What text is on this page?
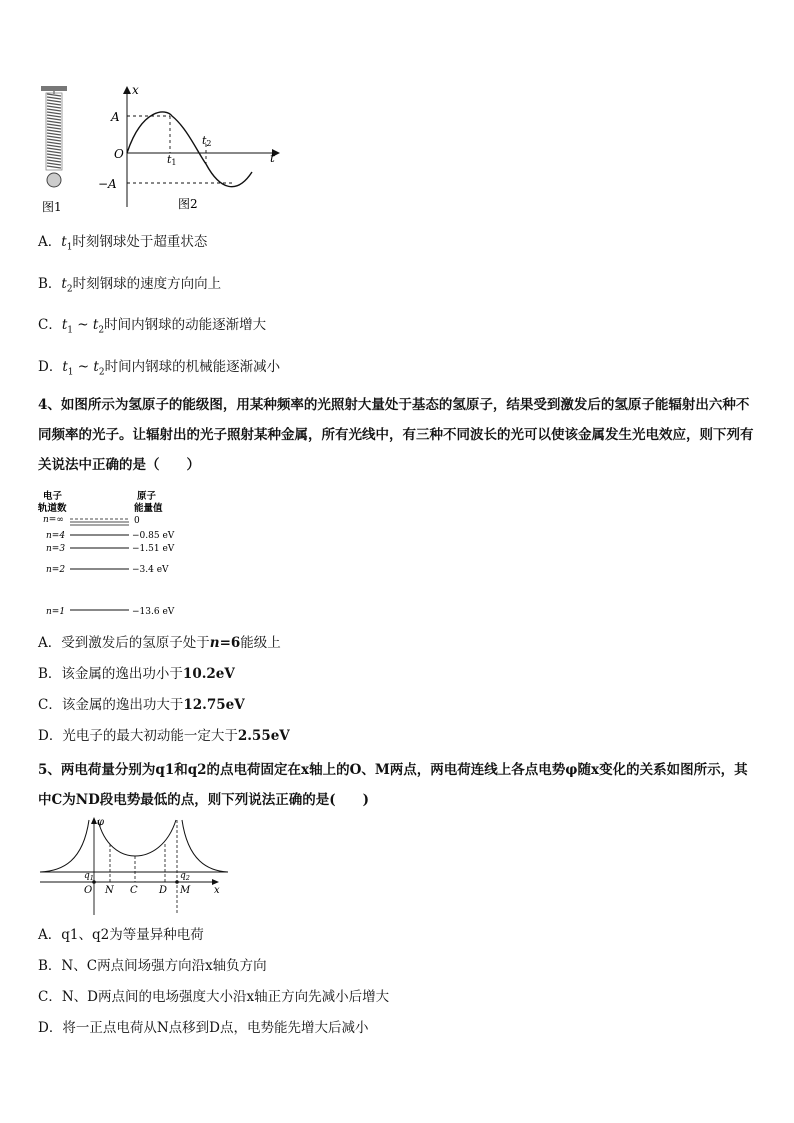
图1
x
t
A
O
−A
t1
t2
图2
A．$t_1$时刻钢球处于超重状态
B．$t_2$时刻钢球的速度方向向上
C．$t_1$ ~ $t_2$时间内钢球的动能逐渐增大
D．$t_1$ ~ $t_2$时间内钢球的机械能逐渐减小
4、如图所示为氢原子的能级图，用某种频率的光照射大量处于基态的氢原子，结果受到激发后的氢原子能辐射出六种不同频率的光子。让辐射出的光子照射某种金属，所有光线中，有三种不同波长的光可以使该金属发生光电效应，则下列有关说法中正确的是（　　）
电子
轨道数
原子
能量值
n=∞	0
n=4	−0.85 eV
n=3	−1.51 eV
n=2	−3.4 eV
n=1	−13.6 eV
A．受到激发后的氢原子处于n=6能级上
B．该金属的逸出功小于10.2eV
C．该金属的逸出功大于12.75eV
D．光电子的最大初动能一定大于2.55eV
5、两电荷量分别为q1和q2的点电荷固定在x轴上的O、M两点，两电荷连线上各点电势φ随x变化的关系如图所示，其中C为ND段电势最低的点，则下列说法正确的是(　　)
φ
x
$q_1$	$q_2$
O N C D M
A．q1、q2为等量异种电荷
B．N、C两点间场强方向沿x轴负方向
C．N、D两点间的电场强度大小沿x轴正方向先减小后增大
D．将一正点电荷从N点移到D点，电势能先增大后减小
